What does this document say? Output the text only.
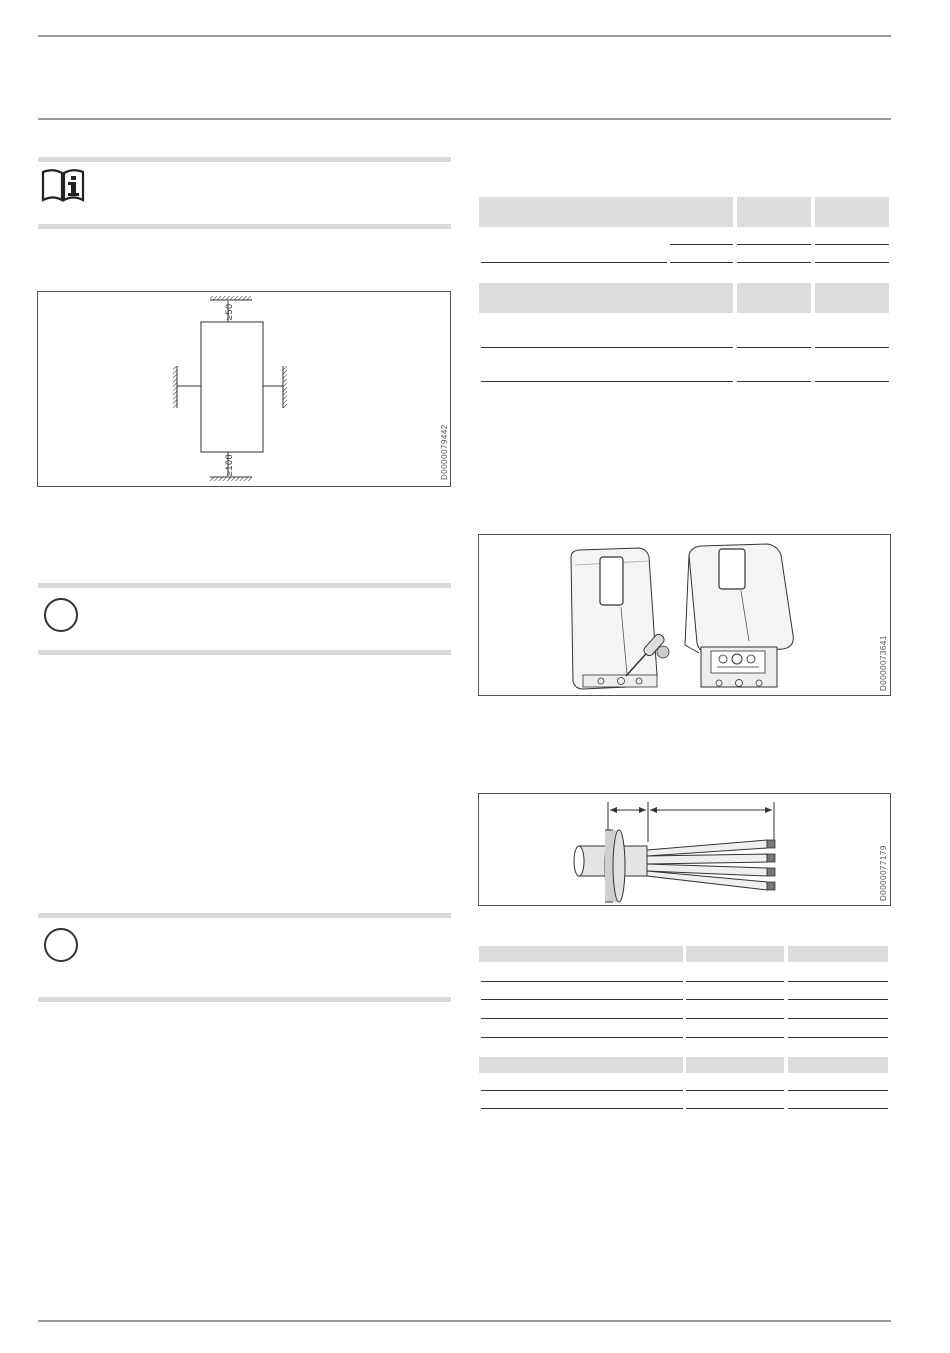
≥50
≥100	D0000079442
D0000073641
D0000077179
